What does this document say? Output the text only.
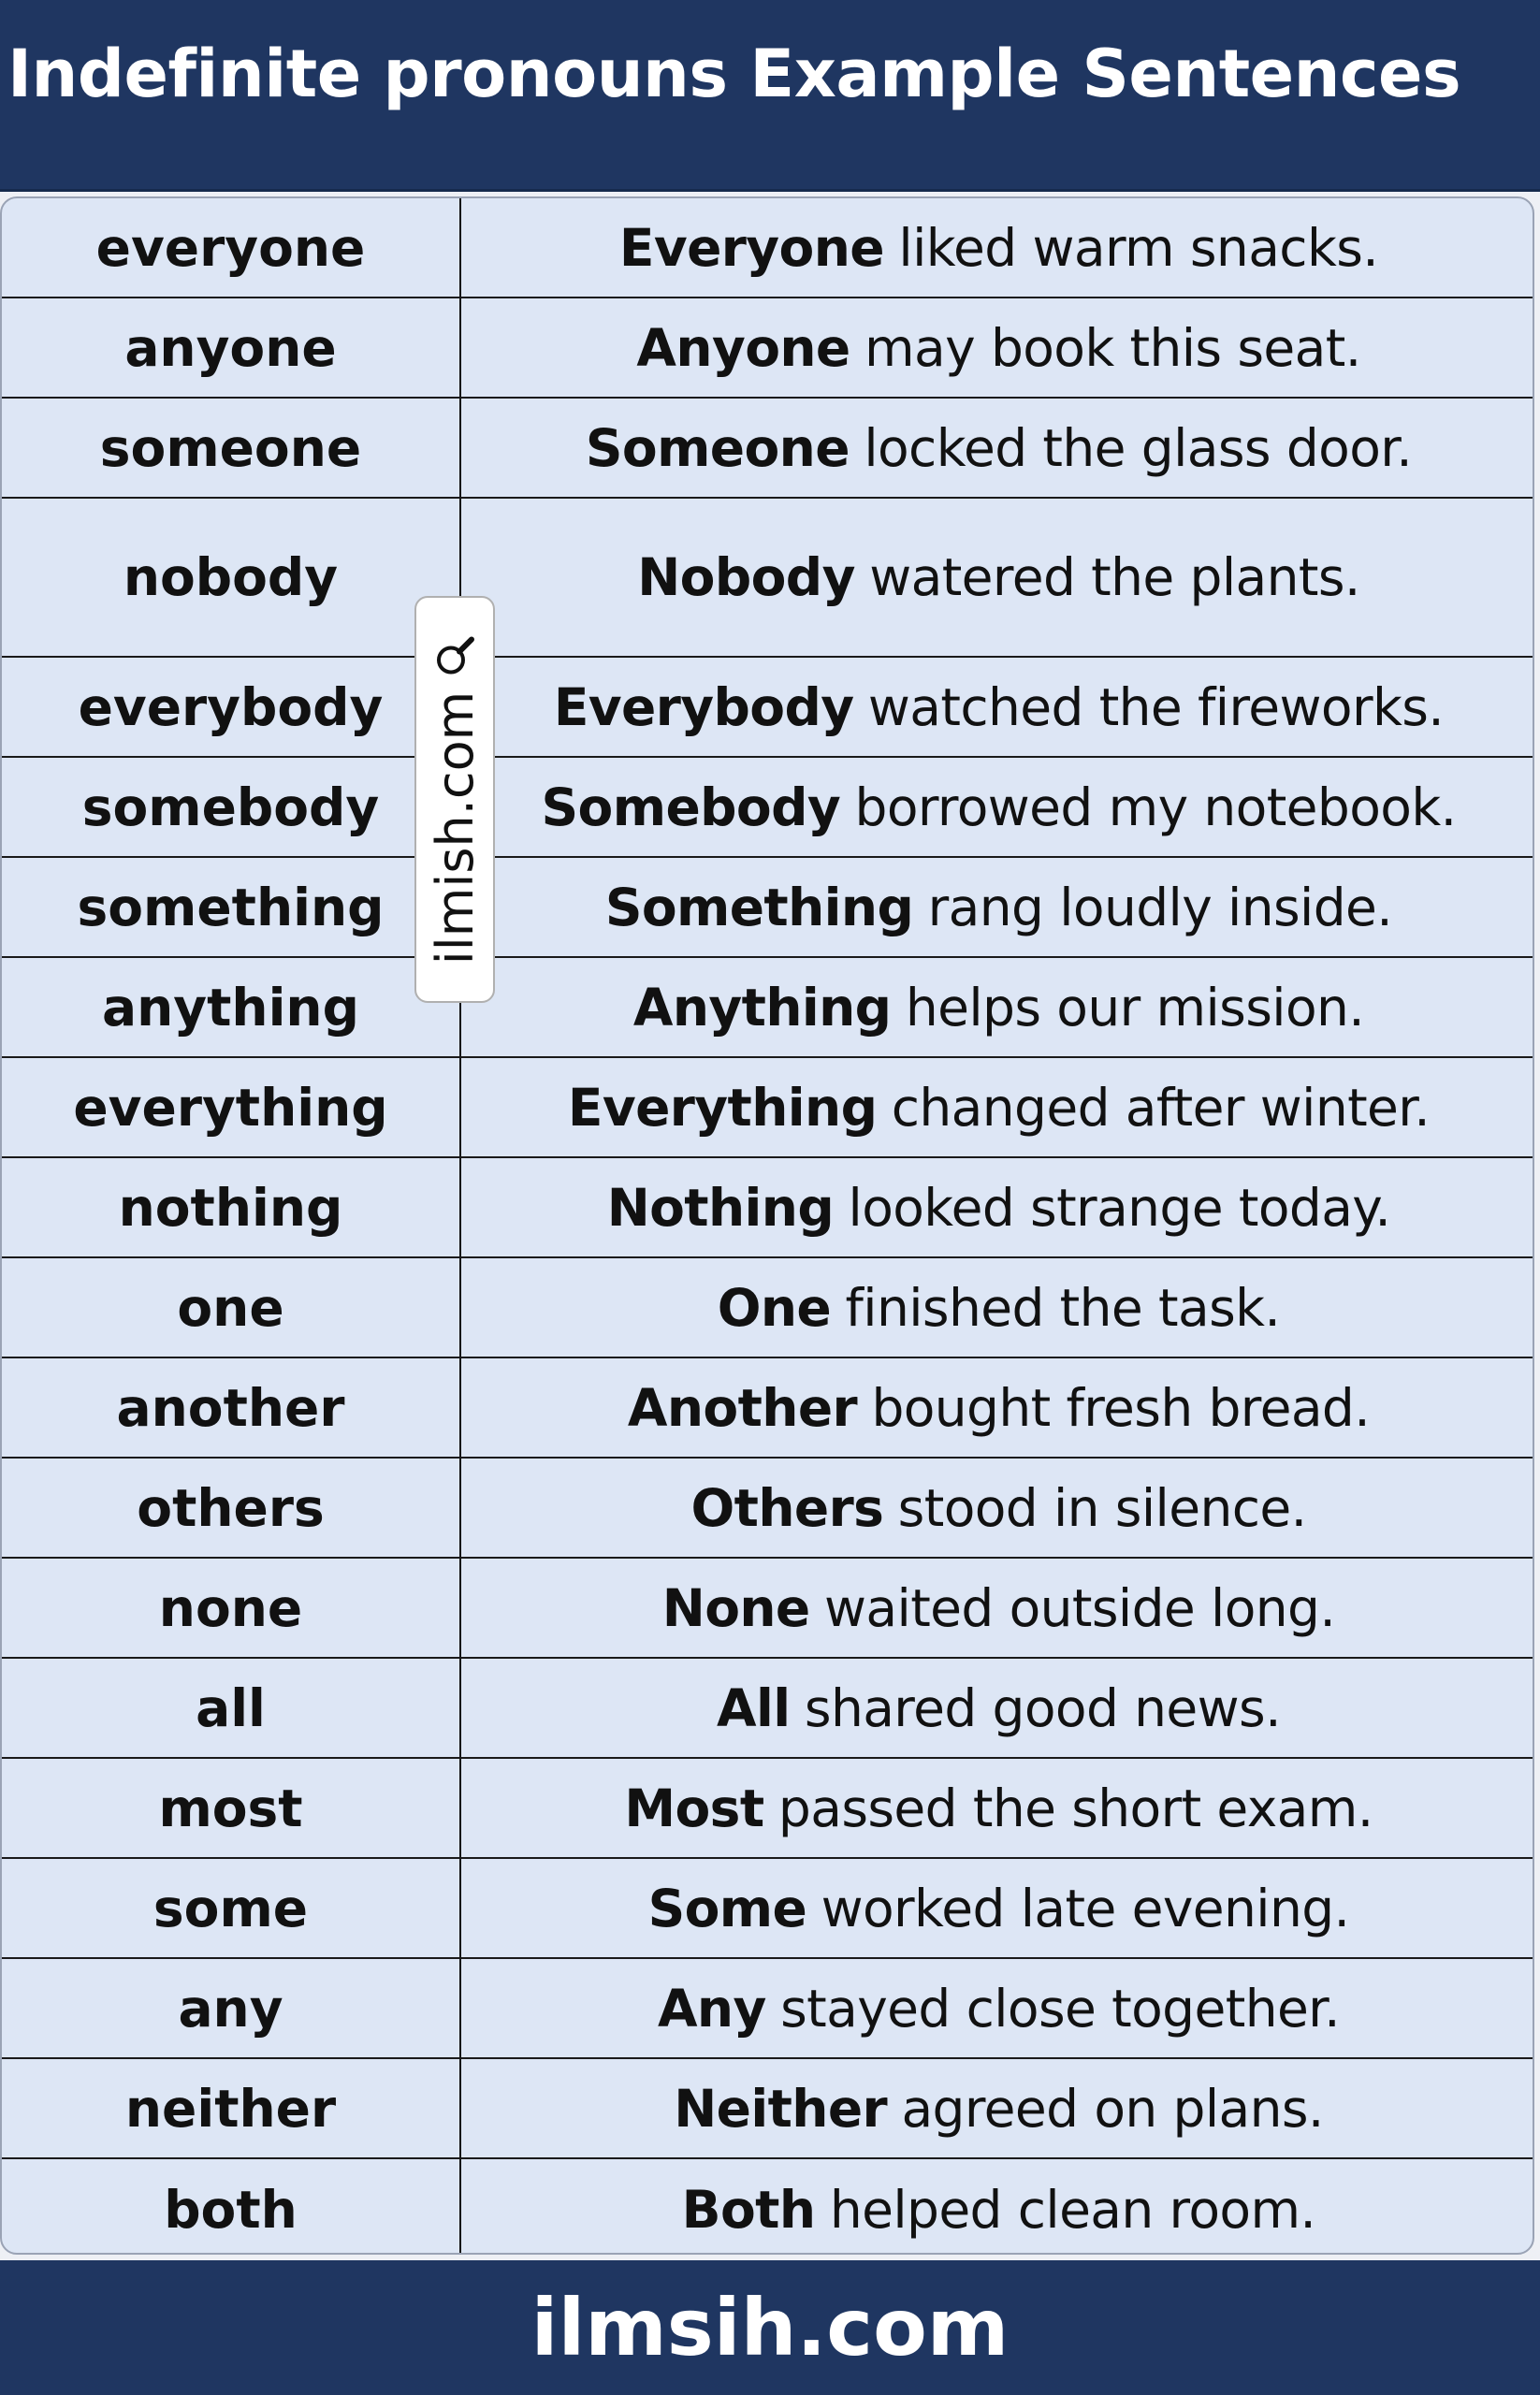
Indefinite pronouns Example Sentences
everyone	Everyone liked warm snacks.
anyone	Anyone may book this seat.
someone	Someone locked the glass door.
nobody	Nobody watered the plants.
everybody	Everybody watched the fireworks.
somebody	Somebody borrowed my notebook.
something	Something rang loudly inside.
anything	Anything helps our mission.
everything	Everything changed after winter.
nothing	Nothing looked strange today.
one	One finished the task.
another	Another bought fresh bread.
others	Others stood in silence.
none	None waited outside long.
all	All shared good news.
most	Most passed the short exam.
some	Some worked late evening.
any	Any stayed close together.
neither	Neither agreed on plans.
both	Both helped clean room.
ilmish.com
ilmsih.com
